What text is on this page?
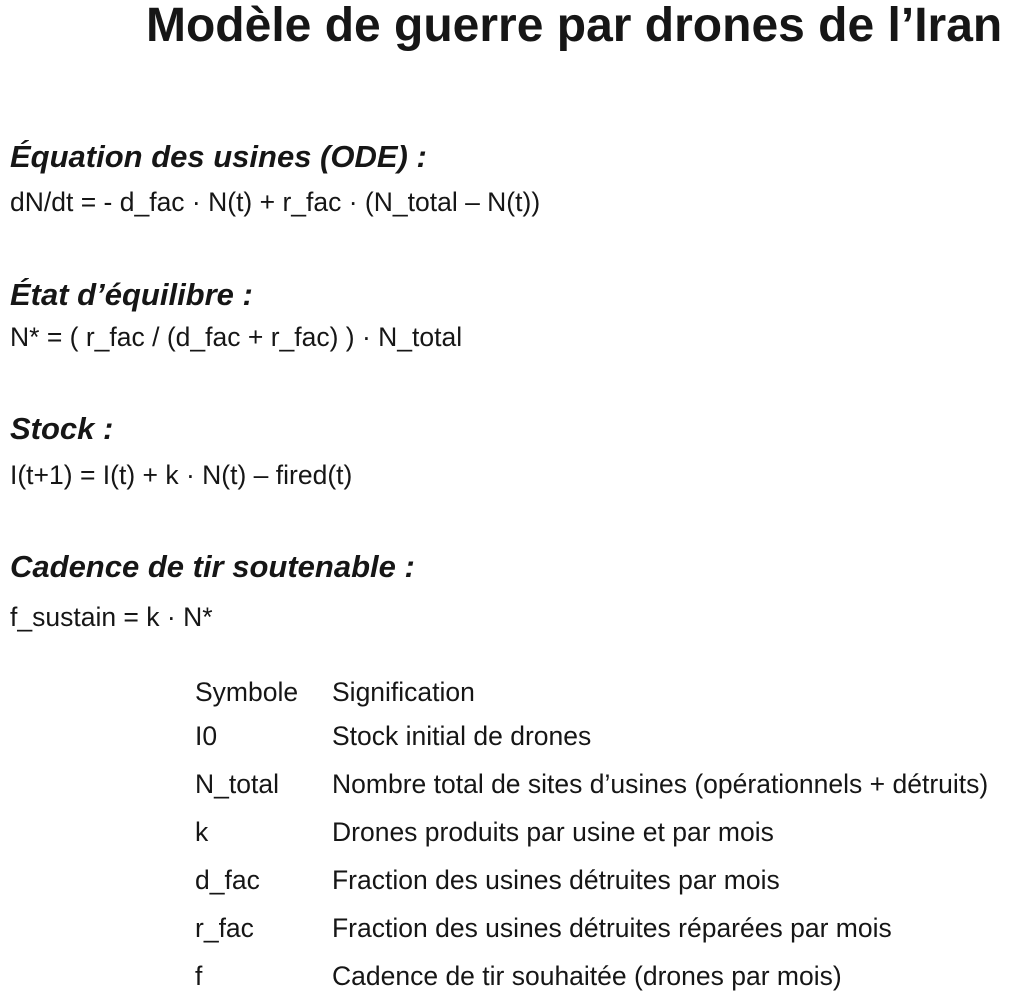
Modèle de guerre par drones de l’Iran
Équation des usines (ODE) :

dN/dt = - d_fac · N(t) + r_fac · (N_total – N(t))

État d’équilibre :

N* = ( r_fac / (d_fac + r_fac) ) · N_total

Stock :

I(t+1) = I(t) + k · N(t) – fired(t)

Cadence de tir soutenable :

f_sustain = k · N*

Symbole	Signification
I0	Stock initial de drones
N_total	Nombre total de sites d’usines (opérationnels + détruits)
k	Drones produits par usine et par mois
d_fac	Fraction des usines détruites par mois
r_fac	Fraction des usines détruites réparées par mois
f	Cadence de tir souhaitée (drones par mois)
